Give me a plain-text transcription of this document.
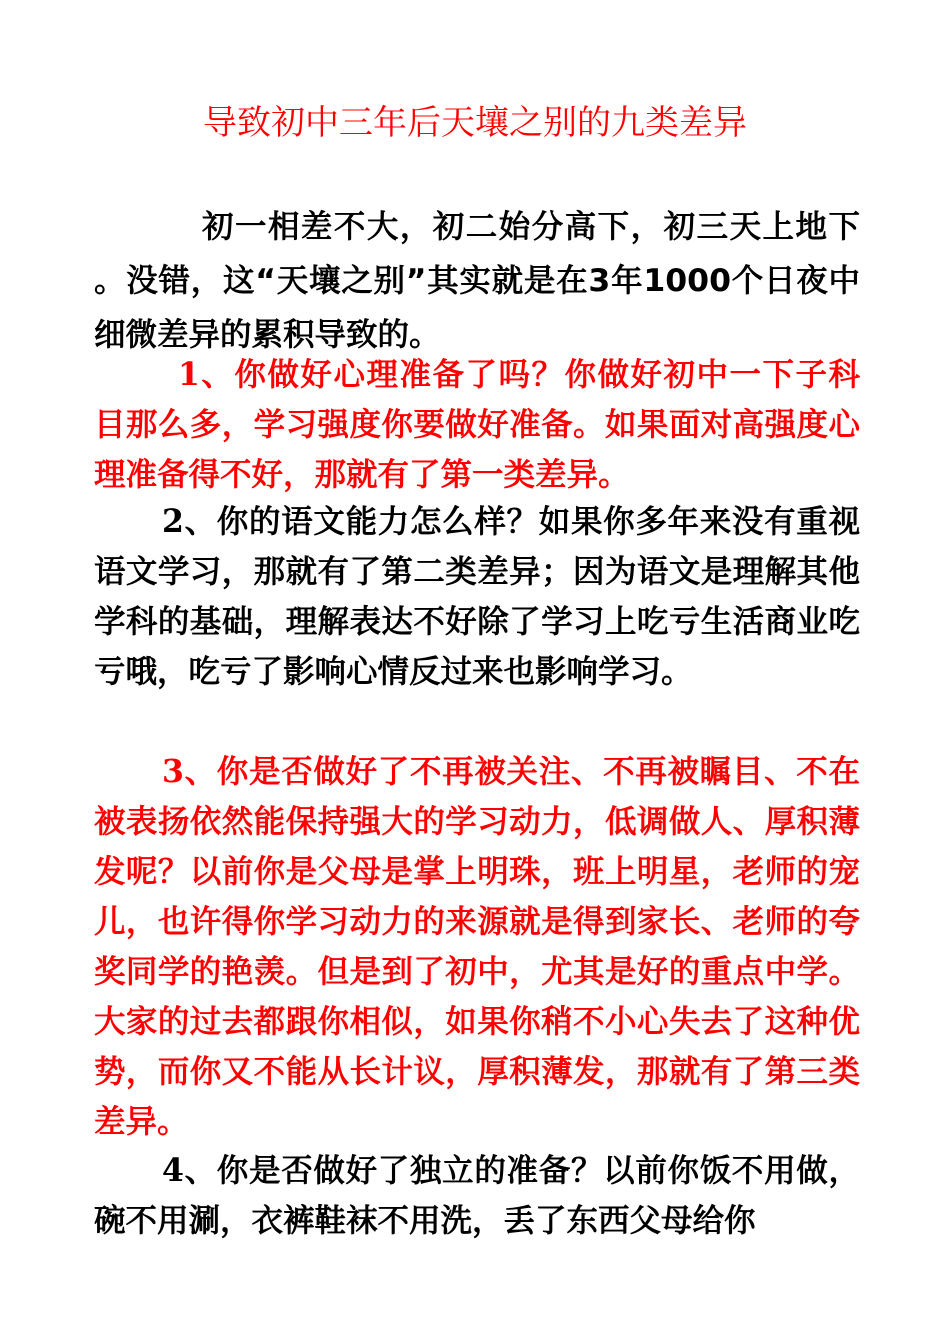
导致初中三年后天壤之别的九类差异

初一相差不大，初二始分高下，初三天上地下。没错，这“天壤之别”其实就是在3年1000个日夜中细微差异的累积导致的。

1、你做好心理准备了吗？你做好初中一下子科目那么多，学习强度你要做好准备。如果面对高强度心理准备得不好，那就有了第一类差异。

2、你的语文能力怎么样？如果你多年来没有重视语文学习，那就有了第二类差异；因为语文是理解其他学科的基础，理解表达不好除了学习上吃亏生活商业吃亏哦，吃亏了影响心情反过来也影响学习。

3、你是否做好了不再被关注、不再被瞩目、不在被表扬依然能保持强大的学习动力，低调做人、厚积薄发呢？以前你是父母是掌上明珠，班上明星，老师的宠儿，也许得你学习动力的来源就是得到家长、老师的夸奖同学的艳羡。但是到了初中，尤其是好的重点中学。大家的过去都跟你相似，如果你稍不小心失去了这种优势，而你又不能从长计议，厚积薄发，那就有了第三类差异。

4、你是否做好了独立的准备？以前你饭不用做，碗不用涮，衣裤鞋袜不用洗，丢了东西父母给你
